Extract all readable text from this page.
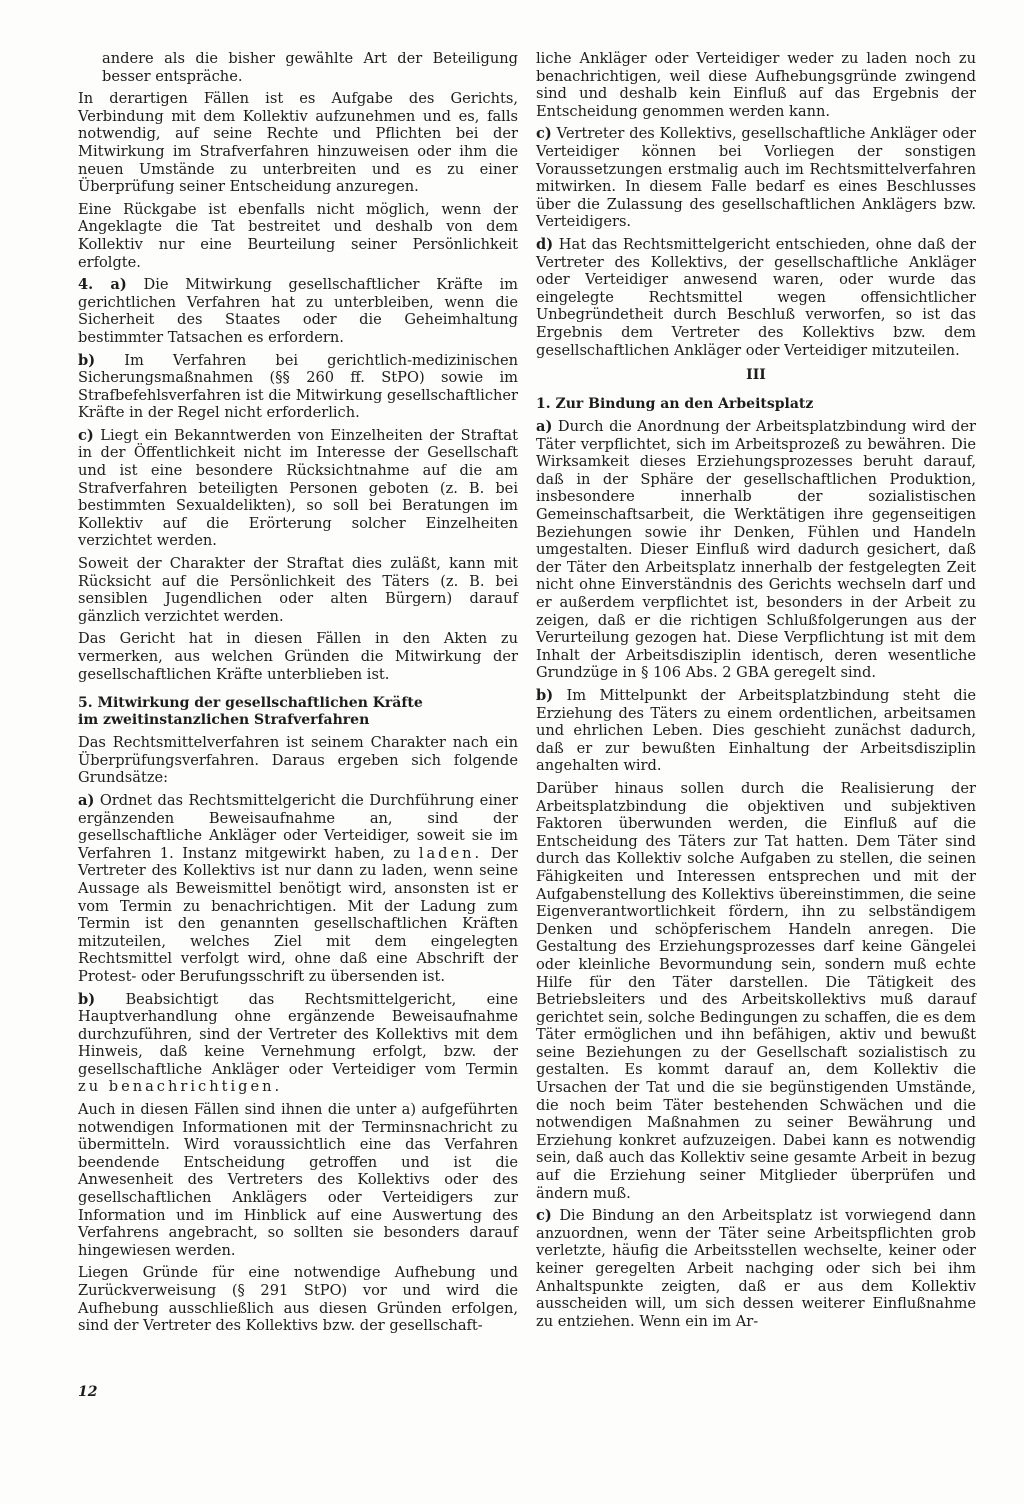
andere als die bisher gewählte Art der Beteiligung besser entspräche.

In derartigen Fällen ist es Aufgabe des Gerichts, Verbindung mit dem Kollektiv aufzunehmen und es, falls notwendig, auf seine Rechte und Pflichten bei der Mitwirkung im Strafverfahren hinzuweisen oder ihm die neuen Umstände zu unterbreiten und es zu einer Überprüfung seiner Entscheidung anzuregen.

Eine Rückgabe ist ebenfalls nicht möglich, wenn der Angeklagte die Tat bestreitet und deshalb von dem Kollektiv nur eine Beurteilung seiner Persönlichkeit erfolgte.

4. a) Die Mitwirkung gesellschaftlicher Kräfte im gerichtlichen Verfahren hat zu unterbleiben, wenn die Sicherheit des Staates oder die Geheimhaltung bestimmter Tatsachen es erfordern.

b) Im Verfahren bei gerichtlich-medizinischen Sicherungsmaßnahmen (§§ 260 ff. StPO) sowie im Strafbefehlsverfahren ist die Mitwirkung gesellschaftlicher Kräfte in der Regel nicht erforderlich.

c) Liegt ein Bekanntwerden von Einzelheiten der Straftat in der Öffentlichkeit nicht im Interesse der Gesellschaft und ist eine besondere Rücksichtnahme auf die am Strafverfahren beteiligten Personen geboten (z. B. bei bestimmten Sexualdelikten), so soll bei Beratungen im Kollektiv auf die Erörterung solcher Einzelheiten verzichtet werden.

Soweit der Charakter der Straftat dies zuläßt, kann mit Rücksicht auf die Persönlichkeit des Täters (z. B. bei sensiblen Jugendlichen oder alten Bürgern) darauf gänzlich verzichtet werden.

Das Gericht hat in diesen Fällen in den Akten zu vermerken, aus welchen Gründen die Mitwirkung der gesellschaftlichen Kräfte unterblieben ist.

5. Mitwirkung der gesellschaftlichen Kräfte
im zweitinstanzlichen Strafverfahren

Das Rechtsmittelverfahren ist seinem Charakter nach ein Überprüfungsverfahren. Daraus ergeben sich folgende Grundsätze:

a) Ordnet das Rechtsmittelgericht die Durchführung einer ergänzenden Beweisaufnahme an, sind der gesellschaftliche Ankläger oder Verteidiger, soweit sie im Verfahren 1. Instanz mitgewirkt haben, zu laden. Der Vertreter des Kollektivs ist nur dann zu laden, wenn seine Aussage als Beweismittel benötigt wird, ansonsten ist er vom Termin zu benachrichtigen. Mit der Ladung zum Termin ist den genannten gesellschaftlichen Kräften mitzuteilen, welches Ziel mit dem eingelegten Rechtsmittel verfolgt wird, ohne daß eine Abschrift der Protest- oder Berufungsschrift zu übersenden ist.

b) Beabsichtigt das Rechtsmittelgericht, eine Hauptverhandlung ohne ergänzende Beweisaufnahme durchzuführen, sind der Vertreter des Kollektivs mit dem Hinweis, daß keine Vernehmung erfolgt, bzw. der gesellschaftliche Ankläger oder Verteidiger vom Termin zu benachrichtigen.

Auch in diesen Fällen sind ihnen die unter a) aufgeführten notwendigen Informationen mit der Terminsnachricht zu übermitteln. Wird voraussichtlich eine das Verfahren beendende Entscheidung getroffen und ist die Anwesenheit des Vertreters des Kollektivs oder des gesellschaftlichen Anklägers oder Verteidigers zur Information und im Hinblick auf eine Auswertung des Verfahrens angebracht, so sollten sie besonders darauf hingewiesen werden.

Liegen Gründe für eine notwendige Aufhebung und Zurückverweisung (§ 291 StPO) vor und wird die Aufhebung ausschließlich aus diesen Gründen erfolgen, sind der Vertreter des Kollektivs bzw. der gesellschaft-

liche Ankläger oder Verteidiger weder zu laden noch zu benachrichtigen, weil diese Aufhebungsgründe zwingend sind und deshalb kein Einfluß auf das Ergebnis der Entscheidung genommen werden kann.

c) Vertreter des Kollektivs, gesellschaftliche Ankläger oder Verteidiger können bei Vorliegen der sonstigen Voraussetzungen erstmalig auch im Rechtsmittelverfahren mitwirken. In diesem Falle bedarf es eines Beschlusses über die Zulassung des gesellschaftlichen Anklägers bzw. Verteidigers.

d) Hat das Rechtsmittelgericht entschieden, ohne daß der Vertreter des Kollektivs, der gesellschaftliche Ankläger oder Verteidiger anwesend waren, oder wurde das eingelegte Rechtsmittel wegen offensichtlicher Unbegründetheit durch Beschluß verworfen, so ist das Ergebnis dem Vertreter des Kollektivs bzw. dem gesellschaftlichen Ankläger oder Verteidiger mitzuteilen.

III
1. Zur Bindung an den Arbeitsplatz

a) Durch die Anordnung der Arbeitsplatzbindung wird der Täter verpflichtet, sich im Arbeitsprozeß zu bewähren. Die Wirksamkeit dieses Erziehungsprozesses beruht darauf, daß in der Sphäre der gesellschaftlichen Produktion, insbesondere innerhalb der sozialistischen Gemeinschaftsarbeit, die Werktätigen ihre gegenseitigen Beziehungen sowie ihr Denken, Fühlen und Handeln umgestalten. Dieser Einfluß wird dadurch gesichert, daß der Täter den Arbeitsplatz innerhalb der festgelegten Zeit nicht ohne Einverständnis des Gerichts wechseln darf und er außerdem verpflichtet ist, besonders in der Arbeit zu zeigen, daß er die richtigen Schlußfolgerungen aus der Verurteilung gezogen hat. Diese Verpflichtung ist mit dem Inhalt der Arbeitsdisziplin identisch, deren wesentliche Grundzüge in § 106 Abs. 2 GBA geregelt sind.

b) Im Mittelpunkt der Arbeitsplatzbindung steht die Erziehung des Täters zu einem ordentlichen, arbeitsamen und ehrlichen Leben. Dies geschieht zunächst dadurch, daß er zur bewußten Einhaltung der Arbeitsdisziplin angehalten wird.

Darüber hinaus sollen durch die Realisierung der Arbeitsplatzbindung die objektiven und subjektiven Faktoren überwunden werden, die Einfluß auf die Entscheidung des Täters zur Tat hatten. Dem Täter sind durch das Kollektiv solche Aufgaben zu stellen, die seinen Fähigkeiten und Interessen entsprechen und mit der Aufgabenstellung des Kollektivs übereinstimmen, die seine Eigenverantwortlichkeit fördern, ihn zu selbständigem Denken und schöpferischem Handeln anregen. Die Gestaltung des Erziehungsprozesses darf keine Gängelei oder kleinliche Bevormundung sein, sondern muß echte Hilfe für den Täter darstellen. Die Tätigkeit des Betriebsleiters und des Arbeitskollektivs muß darauf gerichtet sein, solche Bedingungen zu schaffen, die es dem Täter ermöglichen und ihn befähigen, aktiv und bewußt seine Beziehungen zu der Gesellschaft sozialistisch zu gestalten. Es kommt darauf an, dem Kollektiv die Ursachen der Tat und die sie begünstigenden Umstände, die noch beim Täter bestehenden Schwächen und die notwendigen Maßnahmen zu seiner Bewährung und Erziehung konkret aufzuzeigen. Dabei kann es notwendig sein, daß auch das Kollektiv seine gesamte Arbeit in bezug auf die Erziehung seiner Mitglieder überprüfen und ändern muß.

c) Die Bindung an den Arbeitsplatz ist vorwiegend dann anzuordnen, wenn der Täter seine Arbeitspflichten grob verletzte, häufig die Arbeitsstellen wechselte, keiner oder keiner geregelten Arbeit nachging oder sich bei ihm Anhaltspunkte zeigten, daß er aus dem Kollektiv ausscheiden will, um sich dessen weiterer Einflußnahme zu entziehen. Wenn ein im Ar-

12
